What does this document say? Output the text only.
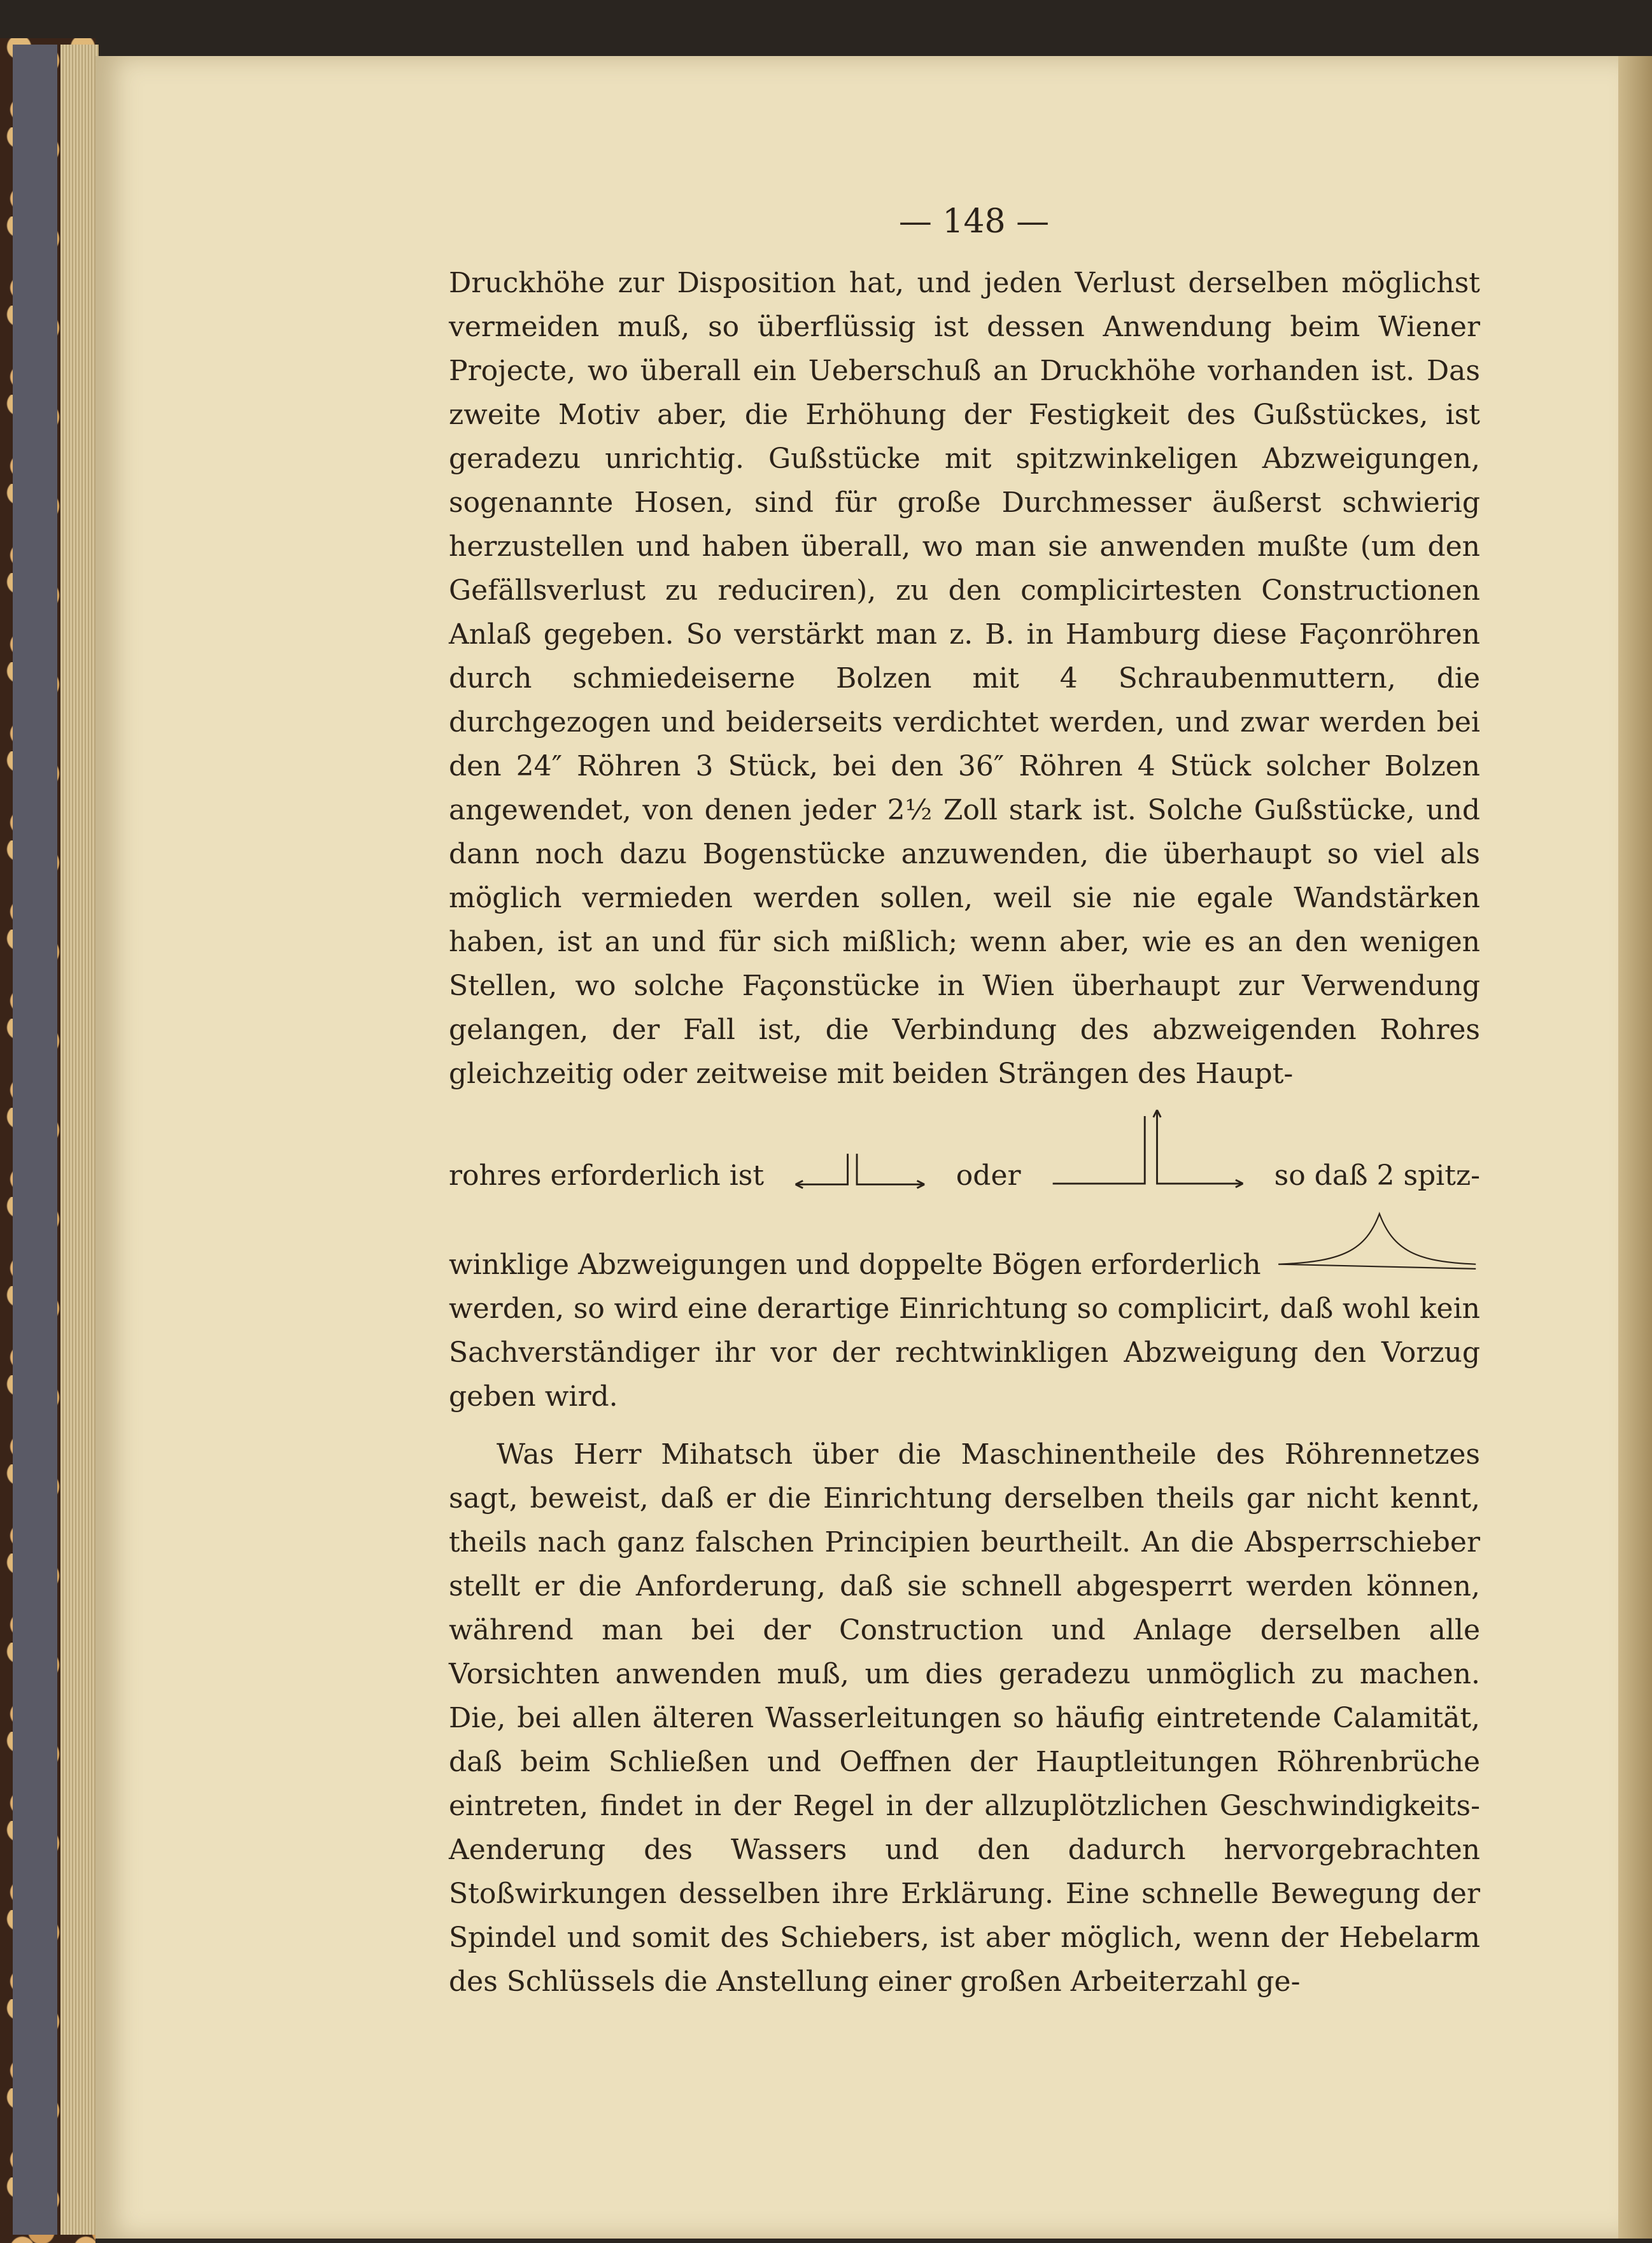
— 148 —

Druckhöhe zur Disposition hat, und jeden Verlust derselben möglichst vermeiden muß, so überflüssig ist dessen Anwendung beim Wiener Projecte, wo überall ein Ueberschuß an Druckhöhe vorhanden ist. Das zweite Motiv aber, die Erhöhung der Festigkeit des Gußstückes, ist geradezu unrichtig. Gußstücke mit spitzwinkeligen Abzweigungen, sogenannte Hosen, sind für große Durchmesser äußerst schwierig herzustellen und haben überall, wo man sie anwenden mußte (um den Gefällsverlust zu reduciren), zu den complicirtesten Constructionen Anlaß gegeben. So verstärkt man z. B. in Hamburg diese Façonröhren durch schmiedeiserne Bolzen mit 4 Schraubenmuttern, die durchgezogen und beiderseits verdichtet werden, und zwar werden bei den 24″ Röhren 3 Stück, bei den 36″ Röhren 4 Stück solcher Bolzen angewendet, von denen jeder 2½ Zoll stark ist. Solche Gußstücke, und dann noch dazu Bogenstücke anzuwenden, die überhaupt so viel als möglich vermieden werden sollen, weil sie nie egale Wandstärken haben, ist an und für sich mißlich; wenn aber, wie es an den wenigen Stellen, wo solche Façonstücke in Wien überhaupt zur Verwendung gelangen, der Fall ist, die Verbindung des abzweigenden Rohres gleichzeitig oder zeitweise mit beiden Strängen des Haupt-

rohres erforderlich ist	oder	so daß 2 spitz-
winklige Abzweigungen und doppelte Bögen erforderlich

werden, so wird eine derartige Einrichtung so complicirt, daß wohl kein Sachverständiger ihr vor der rechtwinkligen Abzweigung den Vorzug geben wird.

Was Herr Mihatsch über die Maschinentheile des Röhrennetzes sagt, beweist, daß er die Einrichtung derselben theils gar nicht kennt, theils nach ganz falschen Principien beurtheilt. An die Absperrschieber stellt er die Anforderung, daß sie schnell abgesperrt werden können, während man bei der Construction und Anlage derselben alle Vorsichten anwenden muß, um dies geradezu unmöglich zu machen. Die, bei allen älteren Wasserleitungen so häufig eintretende Calamität, daß beim Schließen und Oeffnen der Hauptleitungen Röhrenbrüche eintreten, findet in der Regel in der allzuplötzlichen Geschwindigkeits-Aenderung des Wassers und den dadurch hervorgebrachten Stoßwirkungen desselben ihre Erklärung. Eine schnelle Bewegung der Spindel und somit des Schiebers, ist aber möglich, wenn der Hebelarm des Schlüssels die Anstellung einer großen Arbeiterzahl ge-
